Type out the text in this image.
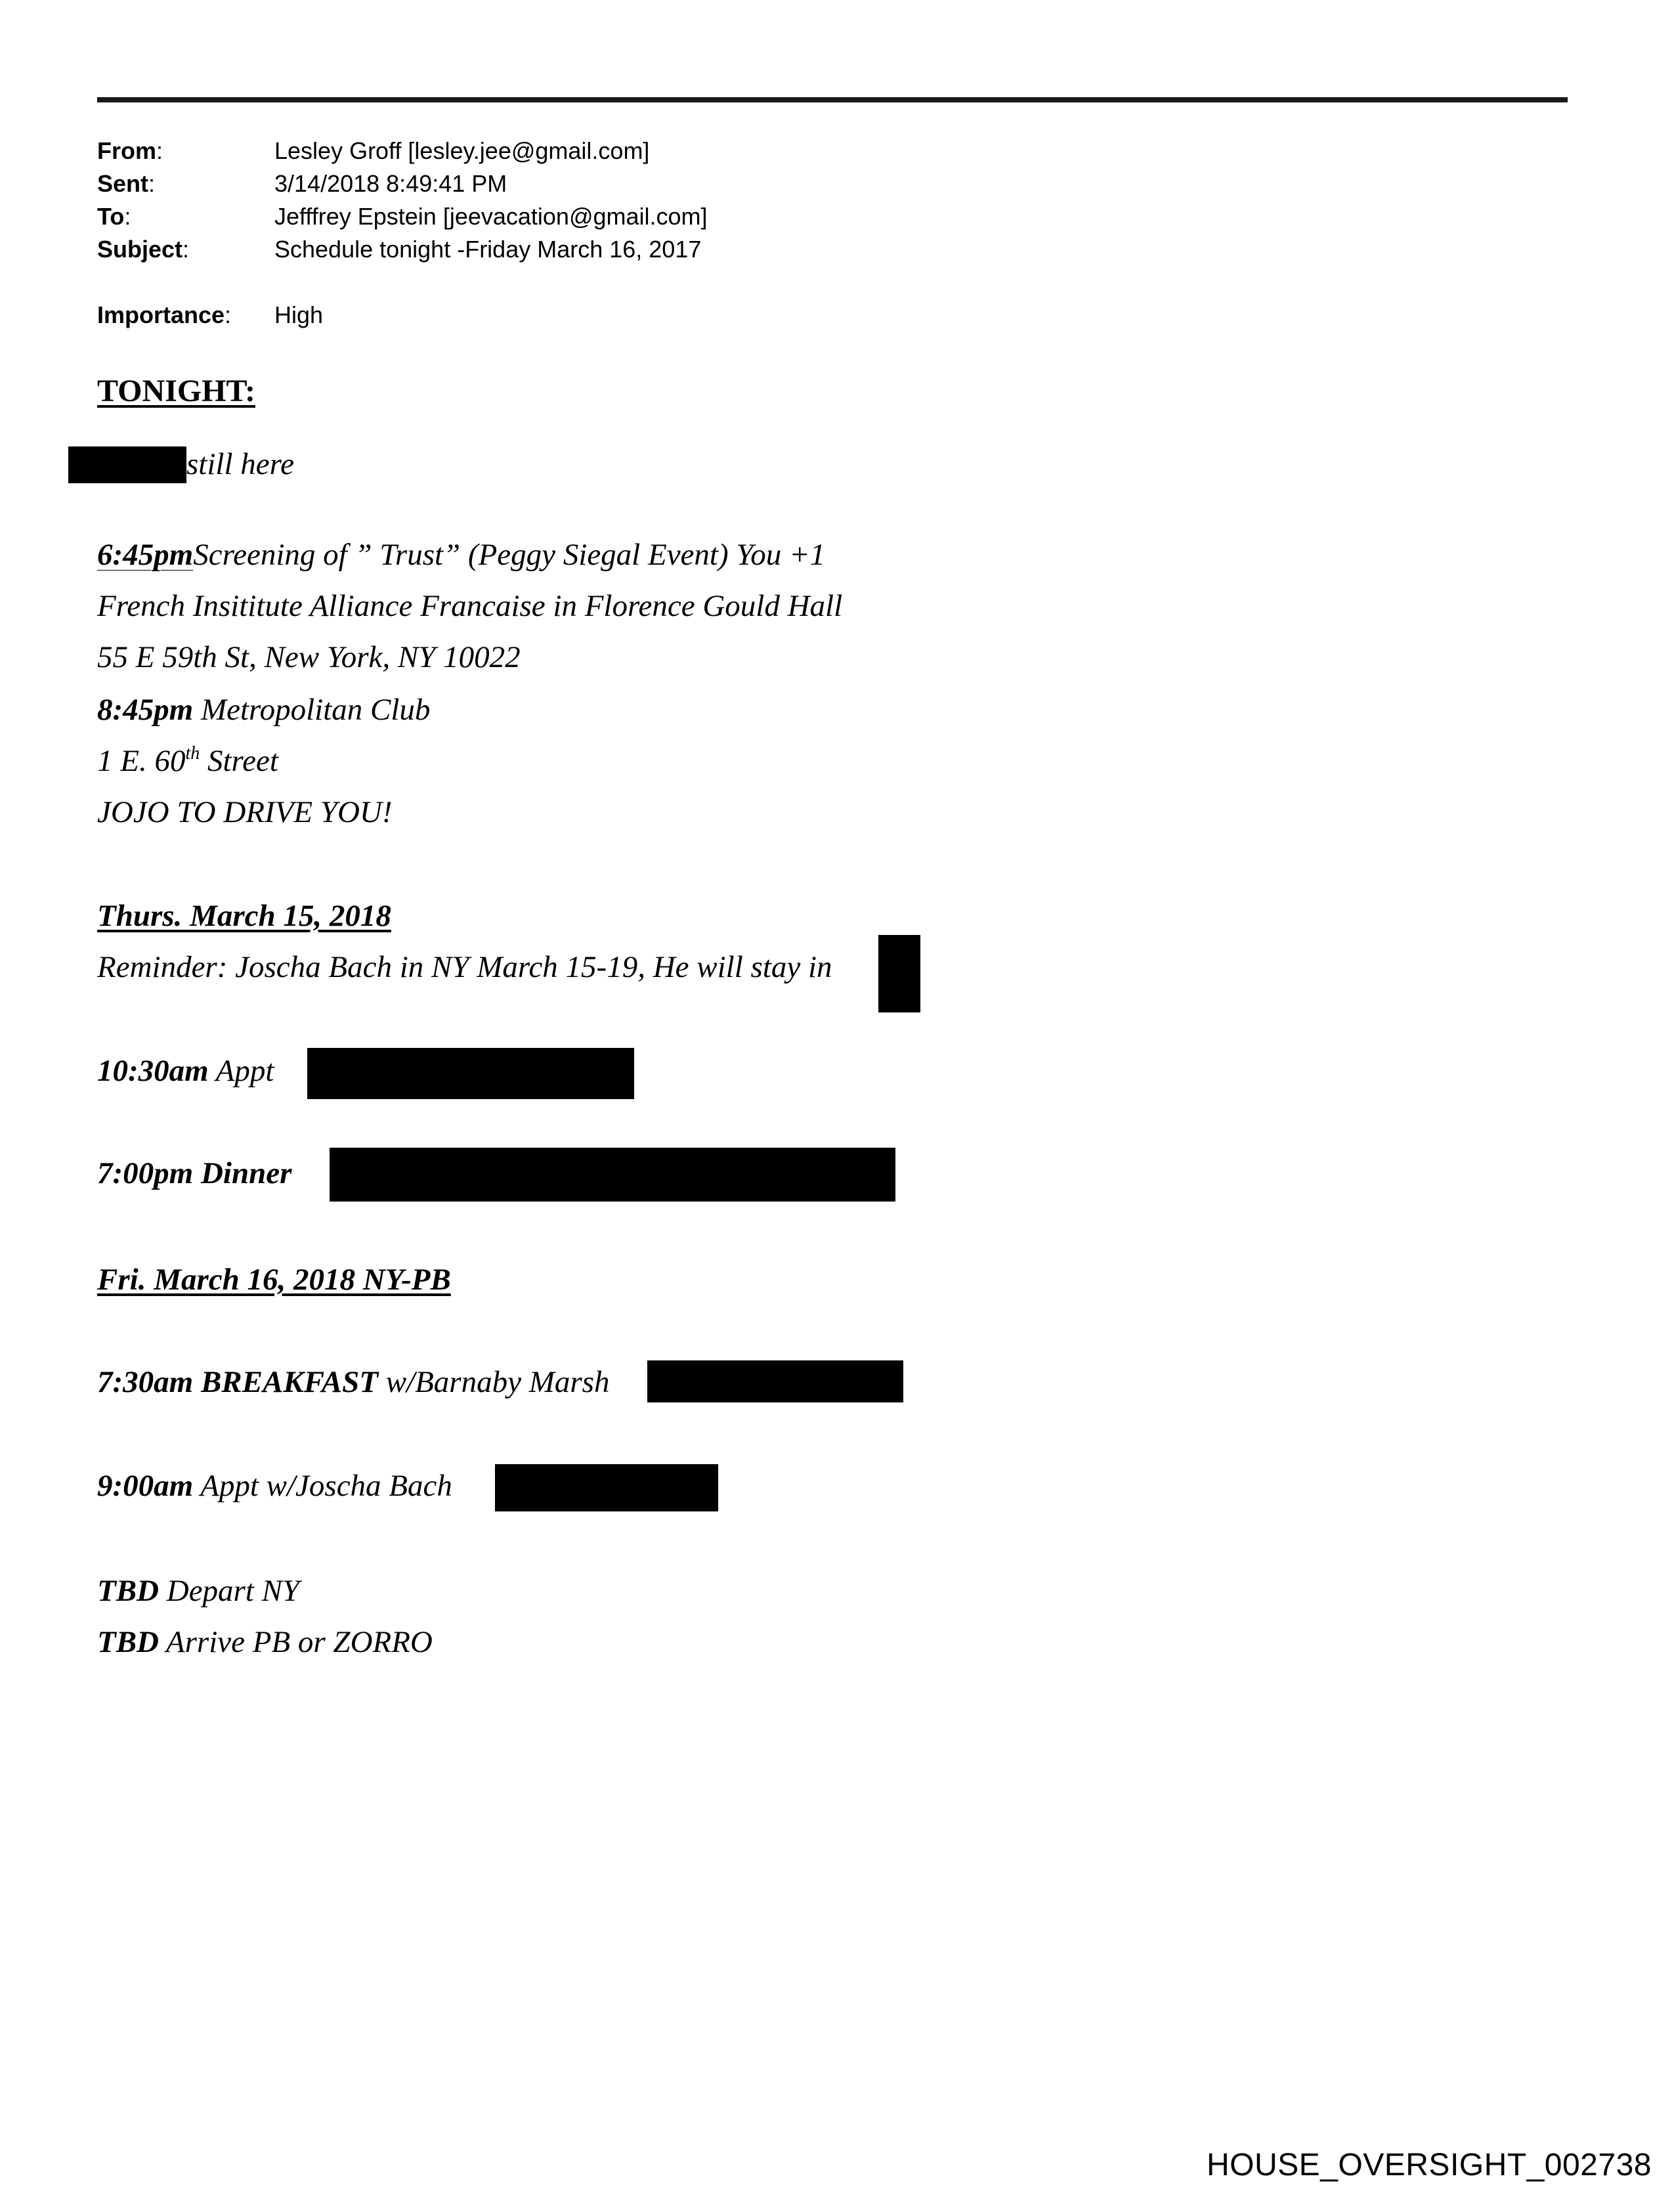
From:	Lesley Groff [lesley.jee@gmail.com]
Sent:	3/14/2018 8:49:41 PM
To:	Jefffrey Epstein [jeevacation@gmail.com]
Subject:	Schedule tonight -Friday March 16, 2017
Importance: High
TONIGHT:
still here
6:45pmScreening of ” Trust” (Peggy Siegal Event) You +1
French Insititute Alliance Francaise in Florence Gould Hall
55 E 59th St, New York, NY 10022
8:45pm Metropolitan Club
1 E. 60th Street
JOJO TO DRIVE YOU!
Thurs. March 15, 2018
Reminder: Joscha Bach in NY March 15-19, He will stay in
10:30am Appt
7:00pm Dinner
Fri. March 16, 2018 NY-PB
7:30am BREAKFAST w/Barnaby Marsh
9:00am Appt w/Joscha Bach
TBD Depart NY
TBD Arrive PB or ZORRO
HOUSE_OVERSIGHT_002738
